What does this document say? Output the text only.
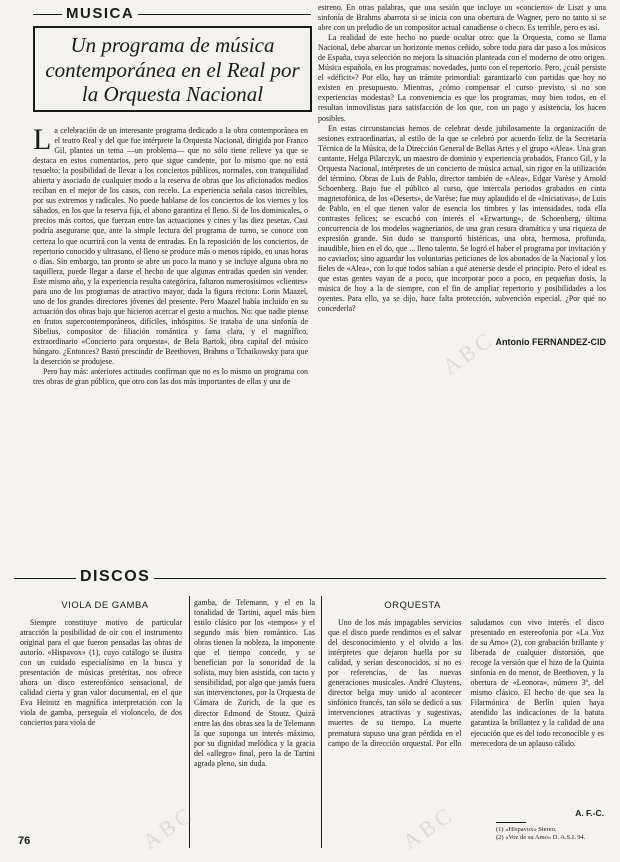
MUSICA
Un programa de música contemporánea en el Real por la Orquesta Nacional
L a celebración de un interesante programa dedicado a la obra contemporánea en el teatro Real y del que fue intérprete la Orquesta Nacional, dirigida por Franco Gil, plantea un tema —un problema— que no sólo tiene relieve ya que se destaca en estos comentarios, pero que sigue candente, por lo mismo que no está resuelto: la posibilidad de llevar a los conciertos públicos, normales, con tranquilidad abierta y asociado de cualquier modo a la reserva de obras que los aficionados medios reciban en el mejor de los casos, con recelo. La experiencia señala casos increíbles, por sus extremos y radicales. No puede hablarse de los conciertos de los viernes y los sábados, en los que la reserva fija, el abono garantiza el lleno. Si de los dominicales, o precios más cortos, que fuerzan entre las actuaciones y cines y las diez pesetas. Casi podría asegurarse que, ante la simple lectura del programa de turno, se conoce con certeza lo que ocurrirá con la venta de entradas. En la reposición de los conciertos, de repertorio conocido y ultrasano, el lleno se produce más o menos rápido, en unas horas o días. Sin embargo, tan pronto se abre un poco la mano y se incluye alguna obra no taquillera, puede llegar a darse el hecho de que algunas entradas queden sin vender. Este mismo año, y la experiencia resulta categórica, faltaron numerosísimos «clientes» para uno de los programas de atractivo mayor, dada la figura rectora: Lorin Maazel, uno de los grandes directores jóvenes del presente. Pero Maazel había incluido en su actuación dos obras bajo que hicieron acercar el gesto a muchos. No: que nadie piense en frutos supercontemporáneos, difíciles, inhóspitos. Se trataba de una sinfonía de Sibelius, compositor de filiación romántica y fama clara, y el magnífico, extraordinario «Concierto para orquesta», de Bela Bartok, obra capital del músico húngaro. ¿Entonces? Bastó prescindir de Beethoven, Brahms o Tchaikowsky para que la deserción se produjese.

Pero hay más: anteriores actitudes confirman que no es lo mismo un programa con tres obras de gran público, que otro con las dos más importantes de ellas y una de

estreno. En otras palabras, que una sesión que incluye un «concierto» de Liszt y una sinfonía de Brahms abarrota si se inicia con una obertura de Wagner, pero no tanto si se abre con un preludio de un compositor actual canadiense o checo. Es terrible, pero es así.

La realidad de este hecho no puede ocultar otro: que la Orquesta, como se llama Nacional, debe abarcar un horizonte menos ceñido, sobre todo para dar paso a los músicos de España, cuya selección no mejora la situación planteada con el moderno de otro origen. Música española, en los programas: novedades, junto con el repertorio. Pero, ¿cuál persiste el «déficit»? Por ello, hay un trámite primordial: garantizarlo con partidas que hoy no existen en presupuesto. Mientras, ¿cómo compensar el curso previsto, si no son experiencias modestas? La conveniencia es que los programas, muy bien todos, en el resultan inmovilistas para satisfacción de los que, con un pago y asistencia, los hacen posibles.

En estas circunstancias hemos de celebrar desde jubilosamente la organización de sesiones extraordinarias, al estilo de la que se celebró por acuerdo feliz de la Secretaría Técnica de la Música, de la Dirección General de Bellas Artes y el grupo «Alea». Una gran cantante, Helga Pilarczyk, un maestro de dominio y experiencia probados, Franco Gil, y la Orquesta Nacional, intérpretes de un concierto de música actual, sin rigor en la utilización del término. Obras de Luis de Pablo, director también de «Alea», Edgar Varèse y Arnold Schoenberg. Bajo fue el público al curso, que intercala periodos grabados en cinta magnetofónica, de los «Deserts», de Varèse; fue muy aplaudido el de «Iniciativas», de Luis de Pablo, en el que tienen valor de esencia los timbres y las intensidades, toda ella contrastes felices; se escuchó con interés el «Erwartung», de Schoenberg, última concurrencia de los modelos wagnerianos, de una gran cesura dramática y una riqueza de expresión grande. Sin dudo se transportó histéricas, una obra, hermosa, profunda, inaudible, bien en el do, que ... lleno talento. Se logró el haber el programa por invitación y no caviarlos; sino aguardar los voluntarias peticiones de los abonados de la Nacional y los fieles de «Alea», con lo que todos sabían a qué atenerse desde el principio. Pero el ideal es que estas gentes vayan de a poco, que incorporar poco a poco, en pequeñas dosis, la música de hoy a la de siempre, con el fin de ampliar repertorio y posibilidades a los oyentes. Para ello, ya se dijo, hace falta protección, subvención especial. ¿Por qué no concederla?

Antonio FERNANDEZ-CID
DISCOS
VIOLA DE GAMBA	ORQUESTA

Siempre constituye motivo de particular atracción la posibilidad de oír con el instrumento original para el que fueron pensadas las obras de autorío. «Hispavox» (1), cuyo catálogo se ilustra con un cuidado especialísimo en la busca y presentación de músicas pretéritas, nos ofrece ahora un disco estereofónico sensacional, de calidad cierta y gran valor documental, en el que Eva Heinitz en magnífica interpretación con la viola de gamba, perseguía el violoncelo, de dos conciertos para viola de

gamba, de Telemann, y el en la tonalidad de Tartini, aquel más bien estilo clásico por los «tempos» y el segundo más bien romántico. Las obras tienen la nobleza, la imponente que el tiempo concede, y se benefician por la sonoridad de la solista, muy bien asistida, con tacto y sensibilidad, por algo que jamás fuera sus intervenciones, por la Orquesta de Cámara de Zurich, de la que es director Edmond de Stoutz. Quizá entre las dos obras sea la de Telemann la que suponga un interés máximo, por su dignidad melódica y la gracia del «allegro» final, pero la de Tartini agrada pleno, sin duda.

Uno de los más impagables servicios que el disco puede rendirnos es el salvar del desconocimiento y el olvido a los intérpretes que dejaron huella por su calidad, y serían desconocidos, si no es por referencias, de las nuevas generaciones musicales. André Cluytens, director belga muy unido al acontecer sinfónico francés, tan sólo se dedicó a sus intervenciones atractivas y sugestivas, muertes de su tiempo. La muerte prematura supuso una gran pérdida en el campo de la dirección orquestal. Por ello saludamos con vivo interés el disco presentado en estereofonía por «La Voz de su Amo» (2), con grabación brillante y liberada de cualquier distorsión, que recoge la versión que el hizo de la Quinta sinfonía en do menor, de Beethoven, y la obertura de «Leonora», número 3º, del mismo clásico. El hecho de que sea la Filarmónica de Berlín quien haya atendido las indicaciones de la batuta garantiza la brillantez y la calidad de una ejecución que es del todo reconocible y es merecedora de un aplauso cálido.

A. F.-C.
(1) «Hispavox» Stereo.
(2) «Voz de su Amo» D. A.S.L 94.
76
ABC	ABC
ABC	ABC
